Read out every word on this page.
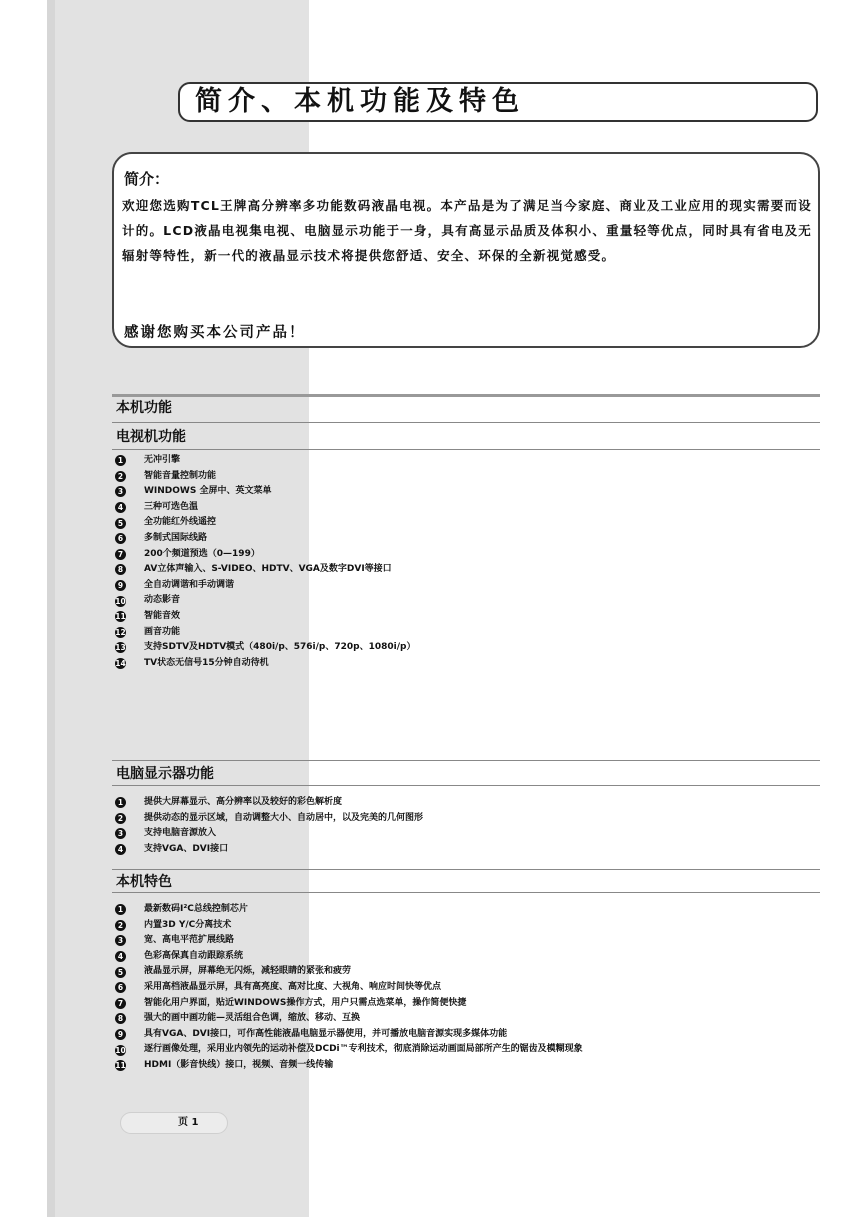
简介、本机功能及特色
简介：
欢迎您选购TCL王牌高分辨率多功能数码液晶电视。本产品是为了满足当今家庭、商业及工业应用的现实需要而设计的。LCD液晶电视集电视、电脑显示功能于一身，具有高显示品质及体积小、重量轻等优点，同时具有省电及无辐射等特性，新一代的液晶显示技术将提供您舒适、安全、环保的全新视觉感受。
感谢您购买本公司产品！
本机功能
电视机功能
1	无冲引擎
2	智能音量控制功能
3	WINDOWS 全屏中、英文菜单
4	三种可选色温
5	全功能红外线遥控
6	多制式国际线路
7	200个频道预选（0—199）
8	AV立体声输入、S-VIDEO、HDTV、VGA及数字DVI等接口
9	全自动调谐和手动调谐
10 动态影音
11 智能音效
12 画音功能
13 支持SDTV及HDTV模式（480i/p、576i/p、720p、1080i/p）
14 TV状态无信号15分钟自动待机
电脑显示器功能
1	提供大屏幕显示、高分辨率以及较好的彩色解析度
2	提供动态的显示区域，自动调整大小、自动居中，以及完美的几何图形
3	支持电脑音源放入
4	支持VGA、DVI接口
本机特色
1	最新数码I²C总线控制芯片
2	内置3D Y/C分离技术
3	宽、高电平范扩展线路
4	色彩高保真自动跟踪系统
5	液晶显示屏，屏幕绝无闪烁，减轻眼睛的紧张和疲劳
6	采用高档液晶显示屏，具有高亮度、高对比度、大视角、响应时间快等优点
7	智能化用户界面，贴近WINDOWS操作方式，用户只需点选菜单，操作简便快捷
8	强大的画中画功能—灵活组合色调，缩放、移动、互换
9	具有VGA、DVI接口，可作高性能液晶电脑显示器使用，并可播放电脑音源实现多媒体功能
10 逐行画像处理，采用业内领先的运动补偿及DCDi™专利技术，彻底消除运动画面局部所产生的锯齿及模糊现象
11 HDMI（影音快线）接口，视频、音频一线传输
页 1
